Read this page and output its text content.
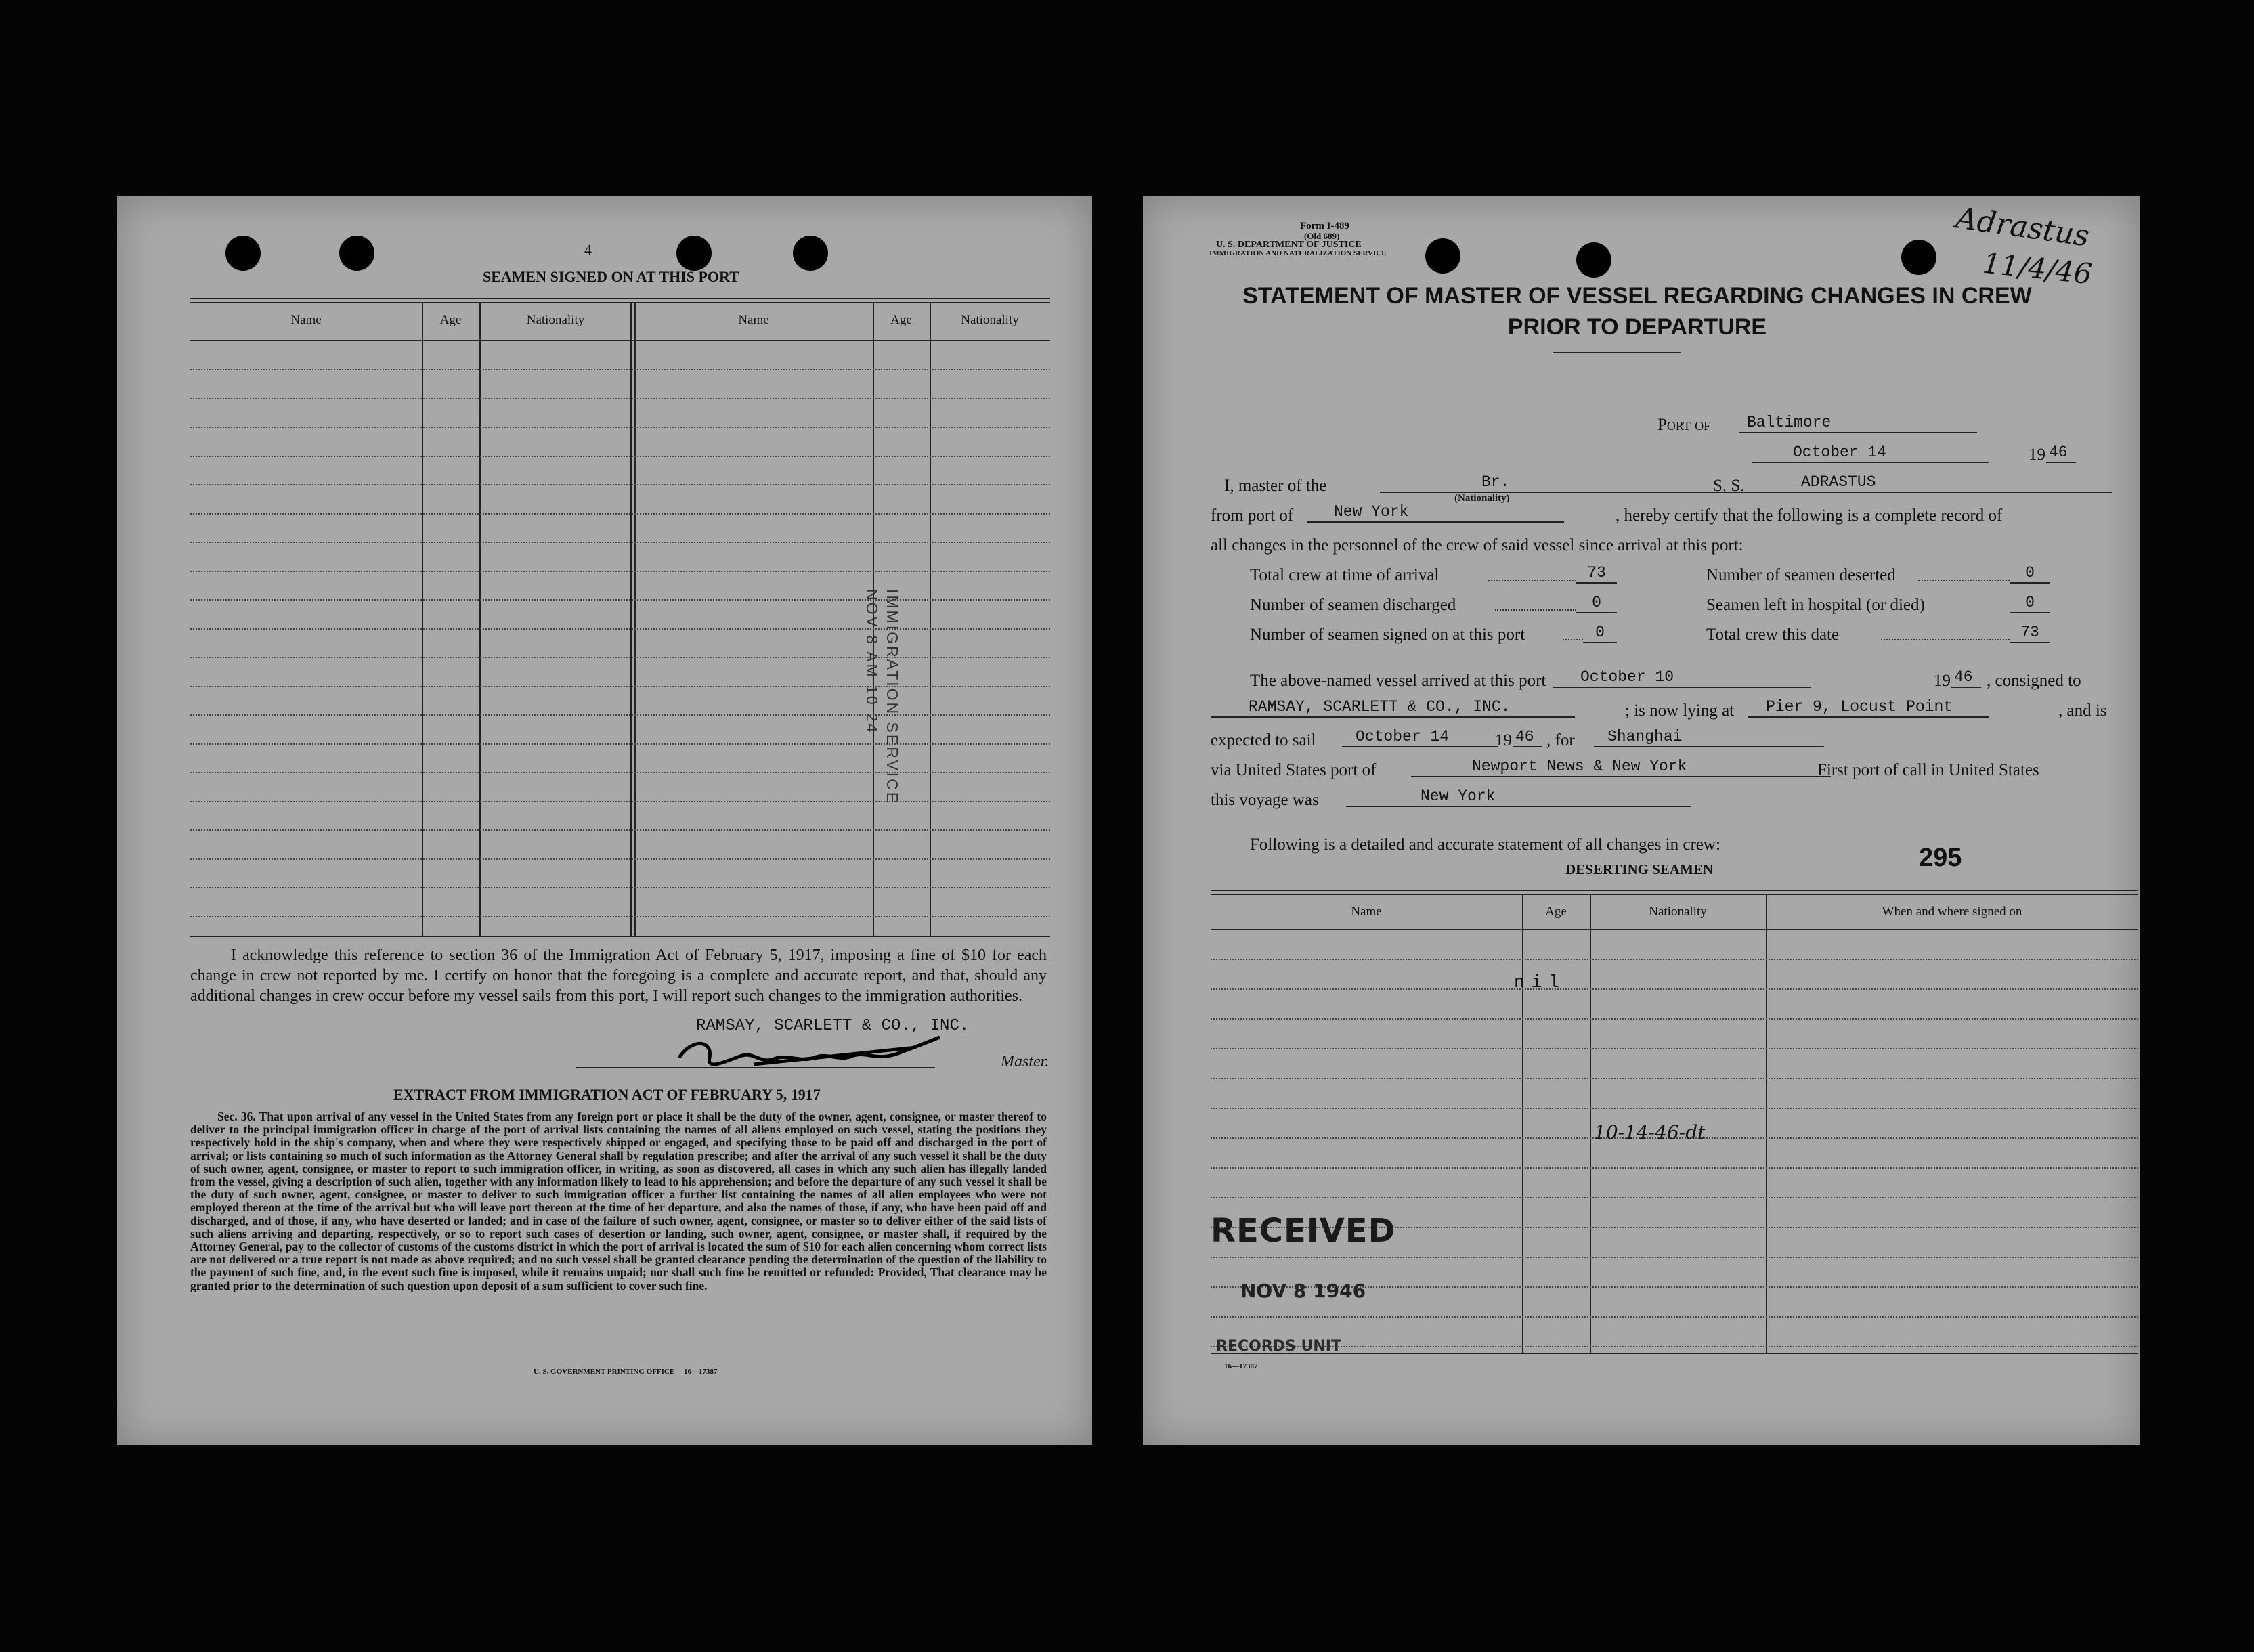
4
SEAMEN SIGNED ON AT THIS PORT
Name	Age	Nationality	Name	Age	Nationality
IMMIGRATION SERVICE
NOV 8 AM 10 24
I acknowledge this reference to section 36 of the Immigration Act of February 5, 1917, imposing a fine of $10 for each change in crew not reported by me. I certify on honor that the foregoing is a complete and accurate report, and that, should any additional changes in crew occur before my vessel sails from this port, I will report such changes to the immigration authorities.
RAMSAY, SCARLETT & CO., INC.
Master.
EXTRACT FROM IMMIGRATION ACT OF FEBRUARY 5, 1917
Sec. 36. That upon arrival of any vessel in the United States from any foreign port or place it shall be the duty of the owner, agent, consignee, or master thereof to deliver to the principal immigration officer in charge of the port of arrival lists containing the names of all aliens employed on such vessel, stating the positions they respectively hold in the ship's company, when and where they were respectively shipped or engaged, and specifying those to be paid off and discharged in the port of arrival; or lists containing so much of such information as the Attorney General shall by regulation prescribe; and after the arrival of any such vessel it shall be the duty of such owner, agent, consignee, or master to report to such immigration officer, in writing, as soon as discovered, all cases in which any such alien has illegally landed from the vessel, giving a description of such alien, together with any information likely to lead to his apprehension; and before the departure of any such vessel it shall be the duty of such owner, agent, consignee, or master to deliver to such immigration officer a further list containing the names of all alien employees who were not employed thereon at the time of the arrival but who will leave port thereon at the time of her departure, and also the names of those, if any, who have been paid off and discharged, and of those, if any, who have deserted or landed; and in case of the failure of such owner, agent, consignee, or master so to deliver either of the said lists of such aliens arriving and departing, respectively, or so to report such cases of desertion or landing, such owner, agent, consignee, or master shall, if required by the Attorney General, pay to the collector of customs of the customs district in which the port of arrival is located the sum of $10 for each alien concerning whom correct lists are not delivered or a true report is not made as above required; and no such vessel shall be granted clearance pending the determination of the question of the liability to the payment of such fine, and, in the event such fine is imposed, while it remains unpaid; nor shall such fine be remitted or refunded: Provided, That clearance may be granted prior to the determination of such question upon deposit of a sum sufficient to cover such fine.
U. S. GOVERNMENT PRINTING OFFICE     16—17387
Form I-489
(Old 689)
U. S. DEPARTMENT OF JUSTICE
IMMIGRATION AND NATURALIZATION SERVICE	Adrastus
11/4/46
STATEMENT OF MASTER OF VESSEL REGARDING CHANGES IN CREW
PRIOR TO DEPARTURE
Port of	Baltimore
October 14	19 46
I, master of the	Br.
(Nationality)
S. S.	ADRASTUS
from port of	New York	, hereby certify that the following is a complete record of
all changes in the personnel of the crew of said vessel since arrival at this port:
Total crew at time of arrival	73
Number of seamen discharged	0
Number of seamen signed on at this port	0
Number of seamen deserted	0
Seamen left in hospital (or died)	0
Total crew this date	73
The above-named vessel arrived at this port	October 10	19 46 , consigned to
RAMSAY, SCARLETT & CO., INC.	; is now lying at	Pier 9, Locust Point	, and is
expected to sail	October 14	19 46 , for	Shanghai
via United States port of	Newport News & New York	First port of call in United States
this voyage was	New York
Following is a detailed and accurate statement of all changes in crew:
DESERTING SEAMEN	295
Name	Age	Nationality	When and where signed on
nil
10-14-46-dt
RECEIVED
NOV 8 1946
RECORDS UNIT
16—17387
